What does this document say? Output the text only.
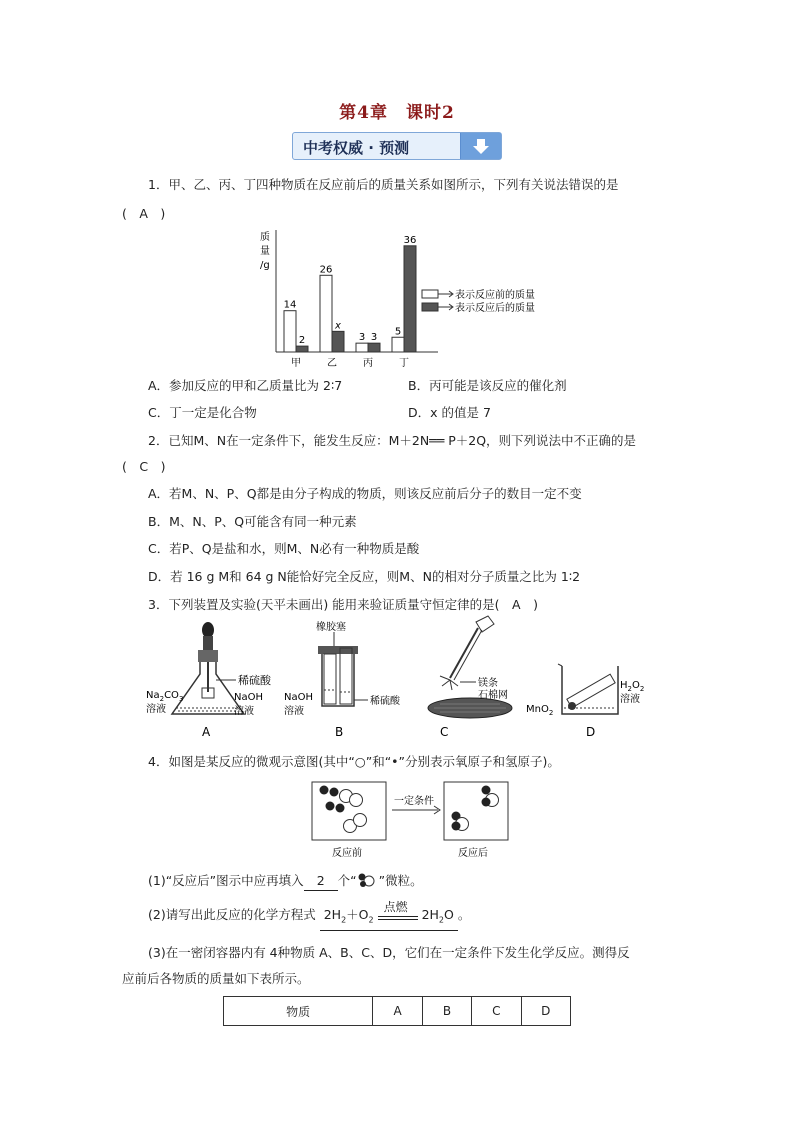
第4章　课时2
中考权威 · 预测
1．甲、乙、丙、丁四种物质在反应前后的质量关系如图所示，下列有关说法错误的是
(　A　)
质
量
/g
14
2
甲
26
x
乙
3 3
丙
5
36
丁
表示反应前的质量
表示反应后的质量
A．参加反应的甲和乙质量比为 2∶7	B．丙可能是该反应的催化剂
C．丁一定是化合物	D．x 的值是 7
2．已知M、N在一定条件下，能发生反应：M＋2N══ P＋2Q，则下列说法中不正确的是
(　C　)
A．若M、N、P、Q都是由分子构成的物质，则该反应前后分子的数目一定不变
B．M、N、P、Q可能含有同一种元素
C．若P、Q是盐和水，则M、N必有一种物质是酸
D．若 16 g M和 64 g N能恰好完全反应，则M、N的相对分子质量之比为 1∶2
3．下列装置及实验(天平未画出) 能用来验证质量守恒定律的是(　A　)
稀硫酸
$Na_2CO_3$
溶液
NaOH
溶液
A
橡胶塞
稀硫酸
NaOH
溶液
B
镁条
石棉网
C
MnO$_2$
$H_2O_2$
溶液
D
4．如图是某反应的微观示意图(其中“○”和“•”分别表示氧原子和氢原子)。
一定条件
反应前	反应后
(1)“反应后”图示中应再填入 2 个“ ”微粒。
(2)请写出此反应的化学方程式 $2H_2+O_2$
点燃
$2H_2O$ 。
(3)在一密闭容器内有 4种物质 A、B、C、D，它们在一定条件下发生化学反应。测得反
应前后各物质的质量如下表所示。
物质	A	B	C	D
